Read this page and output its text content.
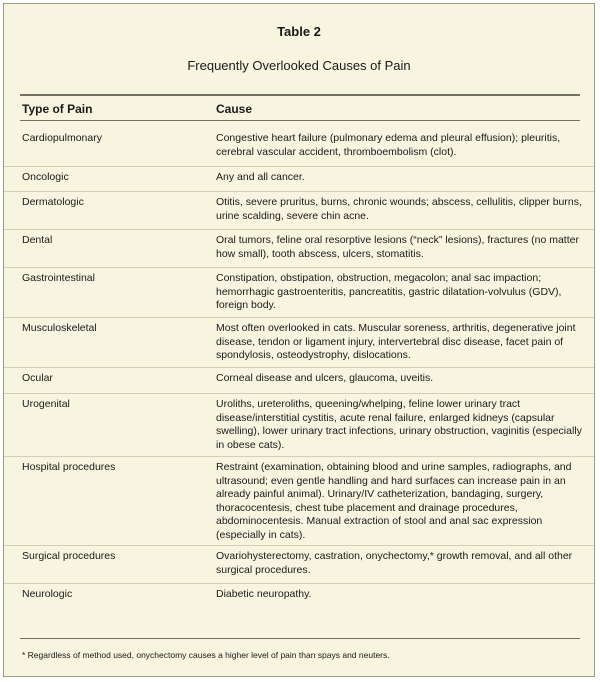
Table 2
Frequently Overlooked Causes of Pain
Type of Pain	Cause
Cardiopulmonary	Congestive heart failure (pulmonary edema and pleural effusion); pleuritis, cerebral vascular accident, thromboembolism (clot).
Oncologic	Any and all cancer.
Dermatologic	Otitis, severe pruritus, burns, chronic wounds; abscess, cellulitis, clipper burns, urine scalding, severe chin acne.
Dental	Oral tumors, feline oral resorptive lesions (“neck” lesions), fractures (no matter how small), tooth abscess, ulcers, stomatitis.
Gastrointestinal	Constipation, obstipation, obstruction, megacolon; anal sac impaction; hemorrhagic gastroenteritis, pancreatitis, gastric dilatation-volvulus (GDV), foreign body.
Musculoskeletal	Most often overlooked in cats. Muscular soreness, arthritis, degenerative joint disease, tendon or ligament injury, intervertebral disc disease, facet pain of spondylosis, osteodystrophy, dislocations.
Ocular	Corneal disease and ulcers, glaucoma, uveitis.
Urogenital	Uroliths, ureteroliths, queening/whelping, feline lower urinary tract disease/interstitial cystitis, acute renal failure, enlarged kidneys (capsular swelling), lower urinary tract infections, urinary obstruction, vaginitis (especially in obese cats).
Hospital procedures	Restraint (examination, obtaining blood and urine samples, radiographs, and ultrasound; even gentle handling and hard surfaces can increase pain in an already painful animal). Urinary/IV catheterization, bandaging, surgery, thoracocentesis, chest tube placement and drainage procedures, abdominocentesis. Manual extraction of stool and anal sac expression (especially in cats).
Surgical procedures	Ovariohysterectomy, castration, onychectomy,* growth removal, and all other surgical procedures.
Neurologic	Diabetic neuropathy.
* Regardless of method used, onychectomy causes a higher level of pain than spays and neuters.
